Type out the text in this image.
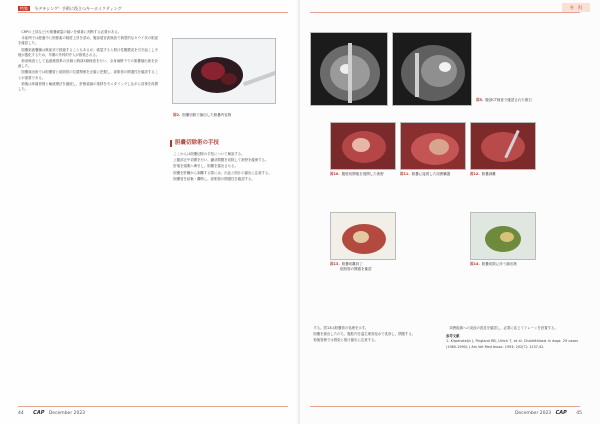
特集 今デキシング！手術に役立つキーホイクティング

CRPの上昇など)や胆嚢破裂の疑いを慎重に判断する必要がある。

本症例では経過中に肝酵素の軽度上昇を認め、腹部超音波検査で典型的なキウイ状の胆泥を確認した。

胆嚢粘液嚢腫は無症状で経過することもあるが、破裂すると胆汁性腹膜炎を引き起こし予後が悪化するため、早期の外科的介入が推奨される。

術前検査として血液凝固系の評価と胸部X線検査を行い、全身麻酔下での胆嚢摘出術を計画した。

胆嚢摘出術では胆嚢管と総胆管の位置関係を正確に把握し、総胆管の開通性を確認することが重要である。

術後は疼痛管理と輸液療法を継続し、肝酵素値の推移をモニタリングしながら食事を再開した。

図2. 胆嚢切除で摘出した胆嚢内容物
胆嚢切除術の手技

ここからは胆嚢切除の手技について解説する。

上腹部正中切開を行い、鎌状間膜を切除して術野を確保する。

肝葉を頭側へ牽引し、胆嚢を露出させる。

胆嚢を肝臓から剥離する際には、出血と胆汁の漏出に注意する。

胆嚢管を結紮・離断し、総胆管の開通性を確認する。

44 CAP December 2023
外　科
図5. 腹部CT検査で確認された胆石
図10. 腹壁切開後を展開した術野	図11. 胆嚢に接着した周囲臓器	図12. 胆嚢剥離
図13. 胆嚢切離終了
総胆管の開通を確認
図14. 胆嚢切除に伴う摘出物

する。図13は胆嚢管の処理を示す。

胆嚢を摘出したのち、腹腔内を温生理食塩水で洗浄し、閉腹する。

術後管理では感染と胆汁漏出に注意する。

周囲組織への炎症の波及を確認し、必要に応じてドレーンを設置する。

参考文献
1. Kirpensteijn J, Fingland RB, Ulrich T, et al. Cholelithiasis in dogs: 29 cases (1980-1990). J Am Vet Med Assoc. 1993; 202(7): 1137-42.
December 2023 CAP 45
